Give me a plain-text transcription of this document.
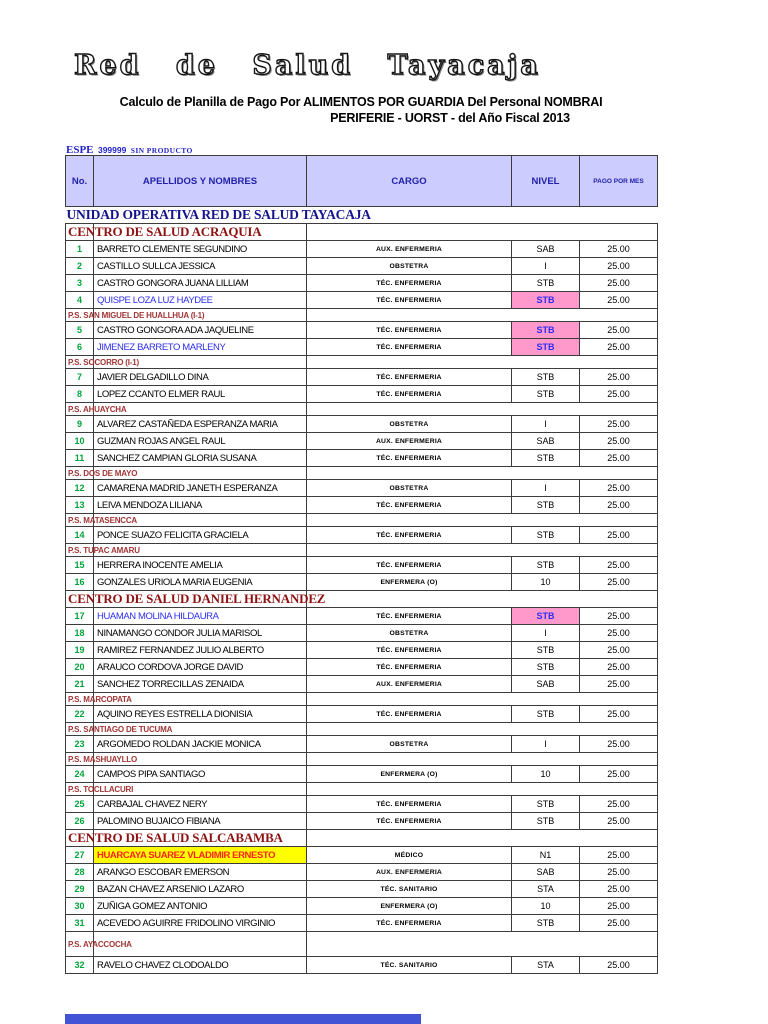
Red de Salud Tayacaja
Calculo de Planilla de Pago Por ALIMENTOS POR GUARDIA Del Personal NOMBRAI
PERIFERIE - UORST - del Año Fiscal 2013
ESPE 399999 SIN PRODUCTO
No.	APELLIDOS Y NOMBRES	CARGO	NIVEL	PAGO POR MES
UNIDAD OPERATIVA RED DE SALUD TAYACAJA				
CENTRO DE SALUD ACRAQUIA				
1	BARRETO CLEMENTE SEGUNDINO	AUX. ENFERMERIA	SAB	25.00
2	CASTILLO SULLCA JESSICA	OBSTETRA	I	25.00
3	CASTRO GONGORA JUANA LILLIAM	TÉC. ENFERMERIA	STB	25.00
4	QUISPE LOZA LUZ HAYDEE	TÉC. ENFERMERIA	STB	25.00
P.S. SAN MIGUEL DE HUALLHUA (I-1)				
5	CASTRO GONGORA ADA JAQUELINE	TÉC. ENFERMERIA	STB	25.00
6	JIMENEZ BARRETO MARLENY	TÉC. ENFERMERIA	STB	25.00
P.S. SOCORRO (I-1)				
7	JAVIER DELGADILLO DINA	TÉC. ENFERMERIA	STB	25.00
8	LOPEZ CCANTO ELMER RAUL	TÉC. ENFERMERIA	STB	25.00
P.S. AHUAYCHA				
9	ALVAREZ CASTAÑEDA ESPERANZA MARIA	OBSTETRA	I	25.00
10	GUZMAN ROJAS ANGEL RAUL	AUX. ENFERMERIA	SAB	25.00
11	SANCHEZ CAMPIAN GLORIA SUSANA	TÉC. ENFERMERIA	STB	25.00
P.S. DOS DE MAYO				
12	CAMARENA MADRID JANETH ESPERANZA	OBSTETRA	I	25.00
13	LEIVA MENDOZA LILIANA	TÉC. ENFERMERIA	STB	25.00
P.S. MATASENCCA				
14	PONCE SUAZO FELICITA GRACIELA	TÉC. ENFERMERIA	STB	25.00
P.S. TUPAC AMARU				
15	HERRERA INOCENTE AMELIA	TÉC. ENFERMERIA	STB	25.00
16	GONZALES URIOLA MARIA EUGENIA	ENFERMERA (O)	10	25.00
CENTRO DE SALUD DANIEL HERNANDEZ				
17	HUAMAN MOLINA HILDAURA	TÉC. ENFERMERIA	STB	25.00
18	NINAMANGO CONDOR JULIA MARISOL	OBSTETRA	I	25.00
19	RAMIREZ FERNANDEZ JULIO ALBERTO	TÉC. ENFERMERIA	STB	25.00
20	ARAUCO CORDOVA JORGE DAVID	TÉC. ENFERMERIA	STB	25.00
21	SANCHEZ TORRECILLAS ZENAIDA	AUX. ENFERMERIA	SAB	25.00
P.S. MARCOPATA				
22	AQUINO REYES ESTRELLA DIONISIA	TÉC. ENFERMERIA	STB	25.00
P.S. SANTIAGO DE TUCUMA				
23	ARGOMEDO ROLDAN JACKIE MONICA	OBSTETRA	I	25.00
P.S. MASHUAYLLO				
24	CAMPOS PIPA SANTIAGO	ENFERMERA (O)	10	25.00
P.S. TOCLLACURI				
25	CARBAJAL CHAVEZ NERY	TÉC. ENFERMERIA	STB	25.00
26	PALOMINO BUJAICO FIBIANA	TÉC. ENFERMERIA	STB	25.00
CENTRO DE SALUD SALCABAMBA				
27	HUARCAYA SUAREZ VLADIMIR ERNESTO	MÉDICO	N1	25.00
28	ARANGO ESCOBAR EMERSON	AUX. ENFERMERIA	SAB	25.00
29	BAZAN CHAVEZ ARSENIO LAZARO	TÉC. SANITARIO	STA	25.00
30	ZUÑIGA GOMEZ ANTONIO	ENFERMERA (O)	10	25.00
31	ACEVEDO AGUIRRE FRIDOLINO VIRGINIO	TÉC. ENFERMERIA	STB	25.00
P.S. AYACCOCHA				
32	RAVELO CHAVEZ CLODOALDO	TÉC. SANITARIO	STA	25.00
